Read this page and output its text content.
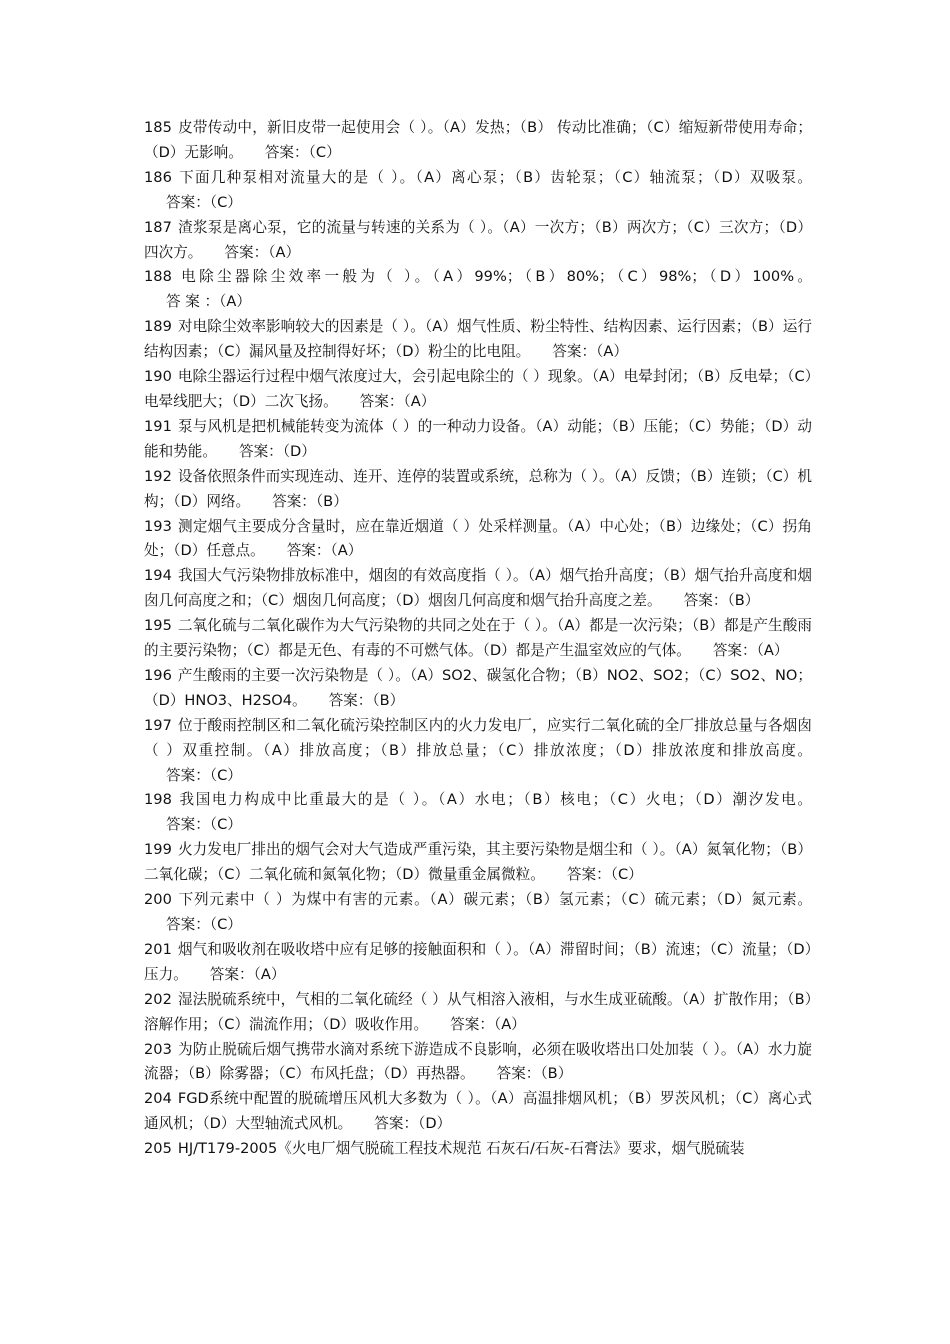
185 皮带传动中，新旧皮带一起使用会（ ）。（A）发热；（B） 传动比准确；（C）缩短新带使用寿命；（D）无影响。 答案：（C）

186 下面几种泵相对流量大的是（ ）。（A）离心泵；（B）齿轮泵；（C）轴流泵；（D）双吸泵。答案：（C）

187 渣浆泵是离心泵，它的流量与转速的关系为（ ）。（A）一次方；（B）两次方；（C）三次方；（D）四次方。 答案：（A）

188 电除尘器除尘效率一般为（ ）。（A）99%；（B）80%；（C）98%；（D）100%。答 案 ：（A）

189 对电除尘效率影响较大的因素是（ ）。（A）烟气性质、粉尘特性、结构因素、运行因素；（B）运行结构因素；（C）漏风量及控制得好坏；（D）粉尘的比电阻。 答案：（A）

190 电除尘器运行过程中烟气浓度过大，会引起电除尘的（ ）现象。（A）电晕封闭；（B）反电晕；（C）电晕线肥大；（D）二次飞扬。 答案：（A）

191 泵与风机是把机械能转变为流体（ ）的一种动力设备。（A）动能；（B）压能；（C）势能；（D）动能和势能。 答案：（D）

192 设备依照条件而实现连动、连开、连停的装置或系统，总称为（ ）。（A）反馈；（B）连锁；（C）机构；（D）网络。 答案：（B）

193 测定烟气主要成分含量时，应在靠近烟道（ ）处采样测量。（A）中心处；（B）边缘处；（C）拐角处；（D）任意点。 答案：（A）

194 我国大气污染物排放标准中，烟囱的有效高度指（ ）。（A）烟气抬升高度；（B）烟气抬升高度和烟囱几何高度之和；（C）烟囱几何高度；（D）烟囱几何高度和烟气抬升高度之差。 答案：（B）

195 二氧化硫与二氧化碳作为大气污染物的共同之处在于（ ）。（A）都是一次污染；（B）都是产生酸雨的主要污染物；（C）都是无色、有毒的不可燃气体。（D）都是产生温室效应的气体。 答案：（A）

196 产生酸雨的主要一次污染物是（ ）。（A）SO2、碳氢化合物；（B）NO2、SO2；（C）SO2、NO；（D）HNO3、H2SO4。 答案：（B）

197 位于酸雨控制区和二氧化硫污染控制区内的火力发电厂，应实行二氧化硫的全厂排放总量与各烟囱（ ）双重控制。（A）排放高度；（B）排放总量；（C）排放浓度；（D）排放浓度和排放高度。答案：（C）

198 我国电力构成中比重最大的是（ ）。（A）水电；（B）核电；（C）火电；（D）潮汐发电。答案：（C）

199 火力发电厂排出的烟气会对大气造成严重污染，其主要污染物是烟尘和（ ）。（A）氮氧化物；（B）二氧化碳；（C）二氧化硫和氮氧化物；（D）微量重金属微粒。 答案：（C）

200 下列元素中（ ）为煤中有害的元素。（A）碳元素；（B）氢元素；（C）硫元素；（D）氮元素。答案：（C）

201 烟气和吸收剂在吸收塔中应有足够的接触面积和（ ）。（A）滞留时间；（B）流速；（C）流量；（D）压力。 答案：（A）

202 湿法脱硫系统中，气相的二氧化硫经（ ）从气相溶入液相，与水生成亚硫酸。（A）扩散作用；（B）溶解作用；（C）湍流作用；（D）吸收作用。 答案：（A）

203 为防止脱硫后烟气携带水滴对系统下游造成不良影响，必须在吸收塔出口处加装（ ）。（A）水力旋流器；（B）除雾器；（C）布风托盘；（D）再热器。 答案：（B）

204 FGD系统中配置的脱硫增压风机大多数为（ ）。（A）高温排烟风机；（B）罗茨风机；（C）离心式通风机；（D）大型轴流式风机。 答案：（D）

205 HJ/T179-2005《火电厂烟气脱硫工程技术规范 石灰石/石灰-石膏法》要求，烟气脱硫装
